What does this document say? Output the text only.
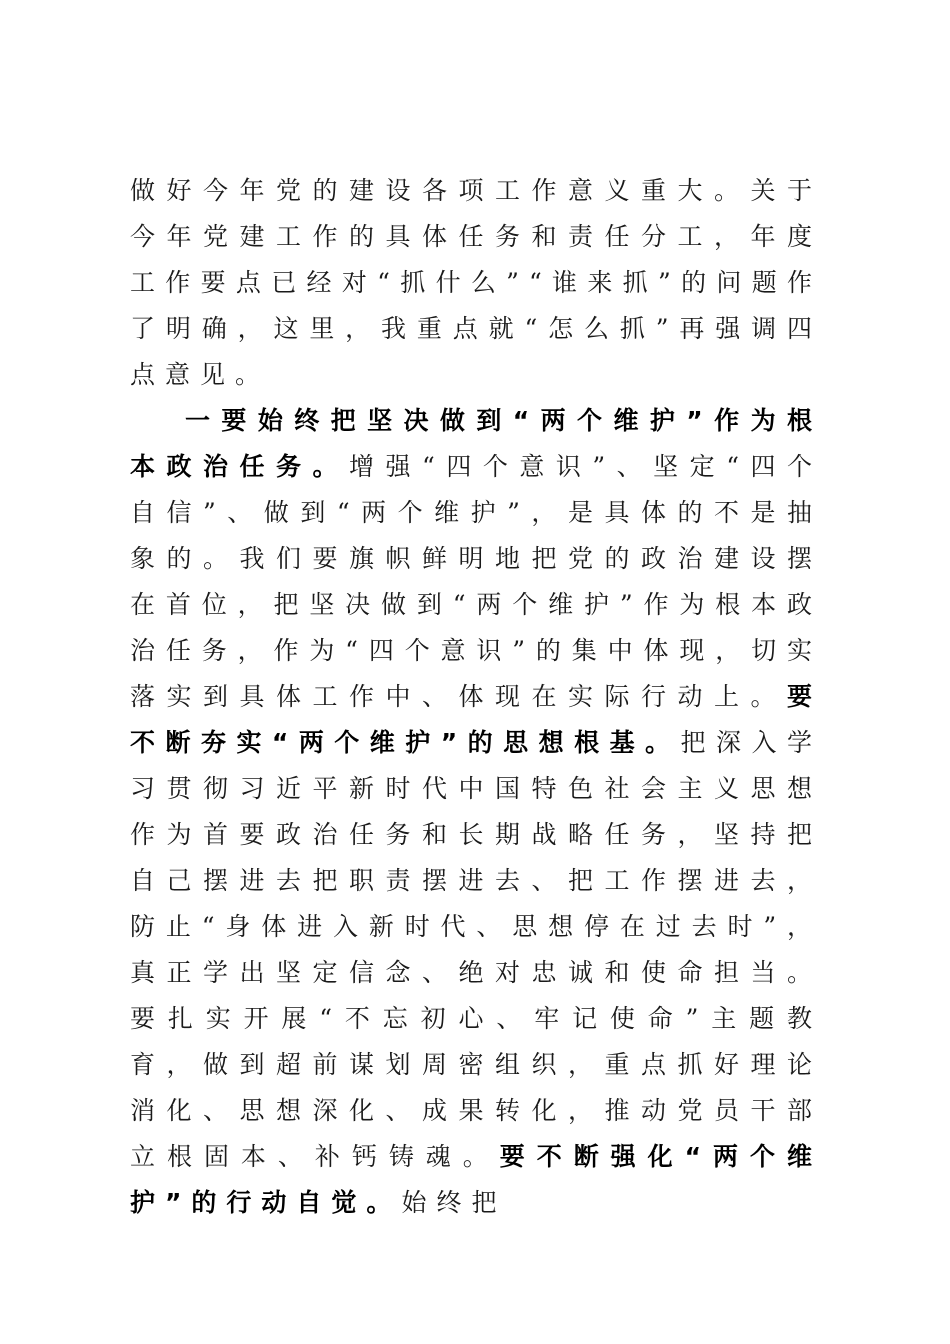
做好今年党的建设各项工作意义重大。关于今年党建工作的具体任务和责任分工，年度工作要点已经对“抓什么”“谁来抓”的问题作了明确，这里，我重点就“怎么抓”再强调四点意见。

一要始终把坚决做到“两个维护”作为根本政治任务。增强“四个意识”、坚定“四个自信”、做到“两个维护”，是具体的不是抽象的。我们要旗帜鲜明地把党的政治建设摆在首位，把坚决做到“两个维护”作为根本政治任务，作为“四个意识”的集中体现，切实落实到具体工作中、体现在实际行动上。要不断夯实“两个维护”的思想根基。把深入学习贯彻习近平新时代中国特色社会主义思想作为首要政治任务和长期战略任务，坚持把自己摆进去把职责摆进去、把工作摆进去，防止“身体进入新时代、思想停在过去时”，真正学出坚定信念、绝对忠诚和使命担当。要扎实开展“不忘初心、牢记使命”主题教育，做到超前谋划周密组织，重点抓好理论消化、思想深化、成果转化，推动党员干部立根固本、补钙铸魂。要不断强化“两个维护”的行动自觉。始终把
